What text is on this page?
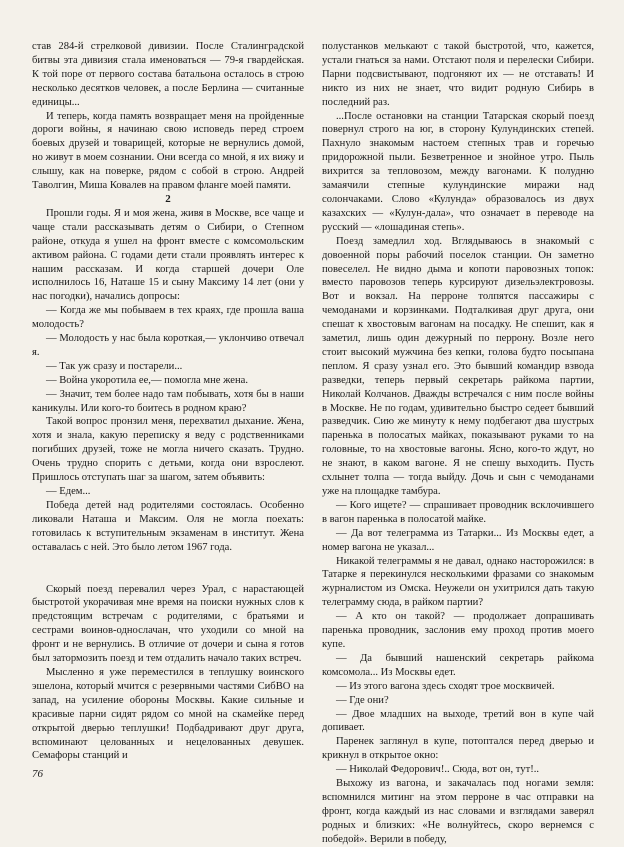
став 284-й стрелковой дивизии. После Сталинградской битвы эта дивизия стала именоваться — 79-я гвардейская. К той поре от первого состава батальона осталось в строю несколько десятков человек, а после Берлина — считанные единицы...

И теперь, когда память возвращает меня на пройденные дороги войны, я начинаю свою исповедь перед строем боевых друзей и товарищей, которые не вернулись домой, но живут в моем сознании. Они всегда со мной, я их вижу и слышу, как на поверке, рядом с собой в строю. Андрей Таволгин, Миша Ковалев на правом фланге моей памяти.

2

Прошли годы. Я и моя жена, живя в Москве, все чаще и чаще стали рассказывать детям о Сибири, о Степном районе, откуда я ушел на фронт вместе с комсомольским активом района. С годами дети стали проявлять интерес к нашим рассказам. И когда старшей дочери Оле исполнилось 16, Наташе 15 и сыну Максиму 14 лет (они у нас погодки), начались допросы:

— Когда же мы побываем в тех краях, где прошла ваша молодость?

— Молодость у нас была короткая,— уклончиво отвечал я.

— Так уж сразу и постарели...

— Война укоротила ее,— помогла мне жена.

— Значит, тем более надо там побывать, хотя бы в наши каникулы. Или кого-то боитесь в родном краю?

Такой вопрос пронзил меня, перехватил дыхание. Жена, хотя и знала, какую переписку я веду с родственниками погибших друзей, тоже не могла ничего сказать. Трудно. Очень трудно спорить с детьми, когда они взрослеют. Пришлось отступать шаг за шагом, затем объявить:

— Едем...

Победа детей над родителями состоялась. Особенно ликовали Наташа и Максим. Оля не могла поехать: готовилась к вступительным экзаменам в институт. Жена оставалась с ней. Это было летом 1967 года.

Скорый поезд перевалил через Урал, с нарастающей быстротой укорачивая мне время на поиски нужных слов к предстоящим встречам с родителями, с братьями и сестрами воинов-однослачан, что уходили со мной на фронт и не вернулись. В отличие от дочери и сына я готов был затормозить поезд и тем отдалить начало таких встреч.

Мысленно я уже переместился в теплушку воинского эшелона, который мчится с резервными частями СибВО на запад, на усиление обороны Москвы. Какие сильные и красивые парни сидят рядом со мной на скамейке перед открытой дверью теплушки! Подбадривают друг друга, вспоминают целованных и нецелованных девушек. Семафоры станций и

полустанков мелькают с такой быстротой, что, кажется, устали гнаться за нами. Отстают поля и перелески Сибири. Парни подсвистывают, подгоняют их — не отставать! И никто из них не знает, что видит родную Сибирь в последний раз.

...После остановки на станции Татарская скорый поезд повернул строго на юг, в сторону Кулундинских степей. Пахнуло знакомым настоем степных трав и горечью придорожной пыли. Безветренное и знойное утро. Пыль вихрится за тепловозом, между вагонами. К полудню замаячили степные кулундинские миражи над солончаками. Слово «Кулунда» образовалось из двух казахских — «Кулун-дала», что означает в переводе на русский — «лошадиная степь».

Поезд замедлил ход. Вглядываюсь в знакомый с довоенной поры рабочий поселок станции. Он заметно повеселел. Не видно дыма и копоти паровозных топок: вместо паровозов теперь курсируют дизельэлектровозы. Вот и вокзал. На перроне толпятся пассажиры с чемоданами и корзинками. Подталкивая друг друга, они спешат к хвостовым вагонам на посадку. Не спешит, как я заметил, лишь один дежурный по перрону. Возле него стоит высокий мужчина без кепки, голова будто посыпана пеплом. Я сразу узнал его. Это бывший командир взвода разведки, теперь первый секретарь райкома партии, Николай Колчанов. Дважды встречался с ним после войны в Москве. Не по годам, удивительно быстро седеет бывший разведчик. Сию же минуту к нему подбегают два шустрых паренька в полосатых майках, показывают руками то на головные, то на хвостовые вагоны. Ясно, кого-то ждут, но не знают, в каком вагоне. Я не спешу выходить. Пусть схлынет толпа — тогда выйду. Дочь и сын с чемоданами уже на площадке тамбура.

— Кого ищете? — спрашивает проводник всклочившего в вагон паренька в полосатой майке.

— Да вот телеграмма из Татарки... Из Москвы едет, а номер вагона не указал...

Никакой телеграммы я не давал, однако насторожился: в Татарке я перекинулся несколькими фразами со знакомым журналистом из Омска. Неужели он ухитрился дать такую телеграмму сюда, в райком партии?

— А кто он такой? — продолжает допрашивать паренька проводник, заслонив ему проход против моего купе.

— Да бывший нашенский секретарь райкома комсомола... Из Москвы едет.

— Из этого вагона здесь сходят трое москвичей.

— Где они?

— Двое младших на выходе, третий вон в купе чай допивает.

Паренек заглянул в купе, потоптался перед дверью и крикнул в открытое окно:

— Николай Федорович!.. Сюда, вот он, тут!..

Выхожу из вагона, и закачалась под ногами земля: вспомнился митинг на этом перроне в час отправки на фронт, когда каждый из нас словами и взглядами заверял родных и близких: «Не волнуйтесь, скоро вернемся с победой». Верили в победу,

76
